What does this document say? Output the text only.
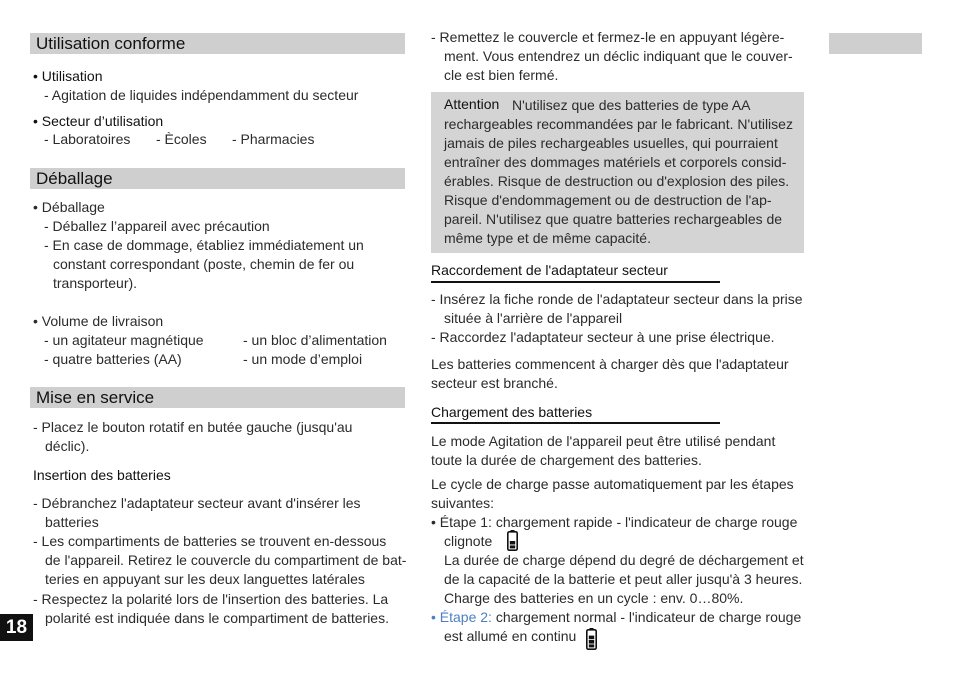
Utilisation conforme
• Utilisation
- Agitation de liquides indépendamment du secteur
• Secteur d’utilisation
- Laboratoires - Ècoles - Pharmacies
Déballage
• Déballage
- Déballez l’appareil avec précaution
- En case de dommage, établiez immédiatement un
constant correspondant (poste, chemin de fer ou
transporteur).
• Volume de livraison
- un agitateur magnétique	- un bloc d’alimentation
- quatre batteries (AA)	- un mode d’emploi
Mise en service
- Placez le bouton rotatif en butée gauche (jusqu'au
déclic).
Insertion des batteries
- Débranchez l'adaptateur secteur avant d'insérer les
batteries
- Les compartiments de batteries se trouvent en-dessous
de l'appareil. Retirez le couvercle du compartiment de bat-
teries en appuyant sur les deux languettes latérales
- Respectez la polarité lors de l'insertion des batteries. La
polarité est indiquée dans le compartiment de batteries.
18
- Remettez le couvercle et fermez-le en appuyant légère-
ment. Vous entendrez un déclic indiquant que le couver-
cle est bien fermé.
Attention N'utilisez que des batteries de type AA
rechargeables recommandées par le fabricant. N'utilisez
jamais de piles rechargeables usuelles, qui pourraient
entraîner des dommages matériels et corporels consid-
érables. Risque de destruction ou d'explosion des piles.
Risque d'endommagement ou de destruction de l'ap-
pareil. N'utilisez que quatre batteries rechargeables de
même type et de même capacité.
Raccordement de l'adaptateur secteur
- Insérez la fiche ronde de l'adaptateur secteur dans la prise
située à l'arrière de l'appareil
- Raccordez l'adaptateur secteur à une prise électrique.
Les batteries commencent à charger dès que l'adaptateur
secteur est branché.
Chargement des batteries
Le mode Agitation de l'appareil peut être utilisé pendant
toute la durée de chargement des batteries.
Le cycle de charge passe automatiquement par les étapes
suivantes:
• Étape 1: chargement rapide - l'indicateur de charge rouge
clignote
La durée de charge dépend du degré de déchargement et
de la capacité de la batterie et peut aller jusqu'à 3 heures.
Charge des batteries en un cycle : env. 0…80%.
• Étape 2: chargement normal - l'indicateur de charge rouge
est allumé en continu
